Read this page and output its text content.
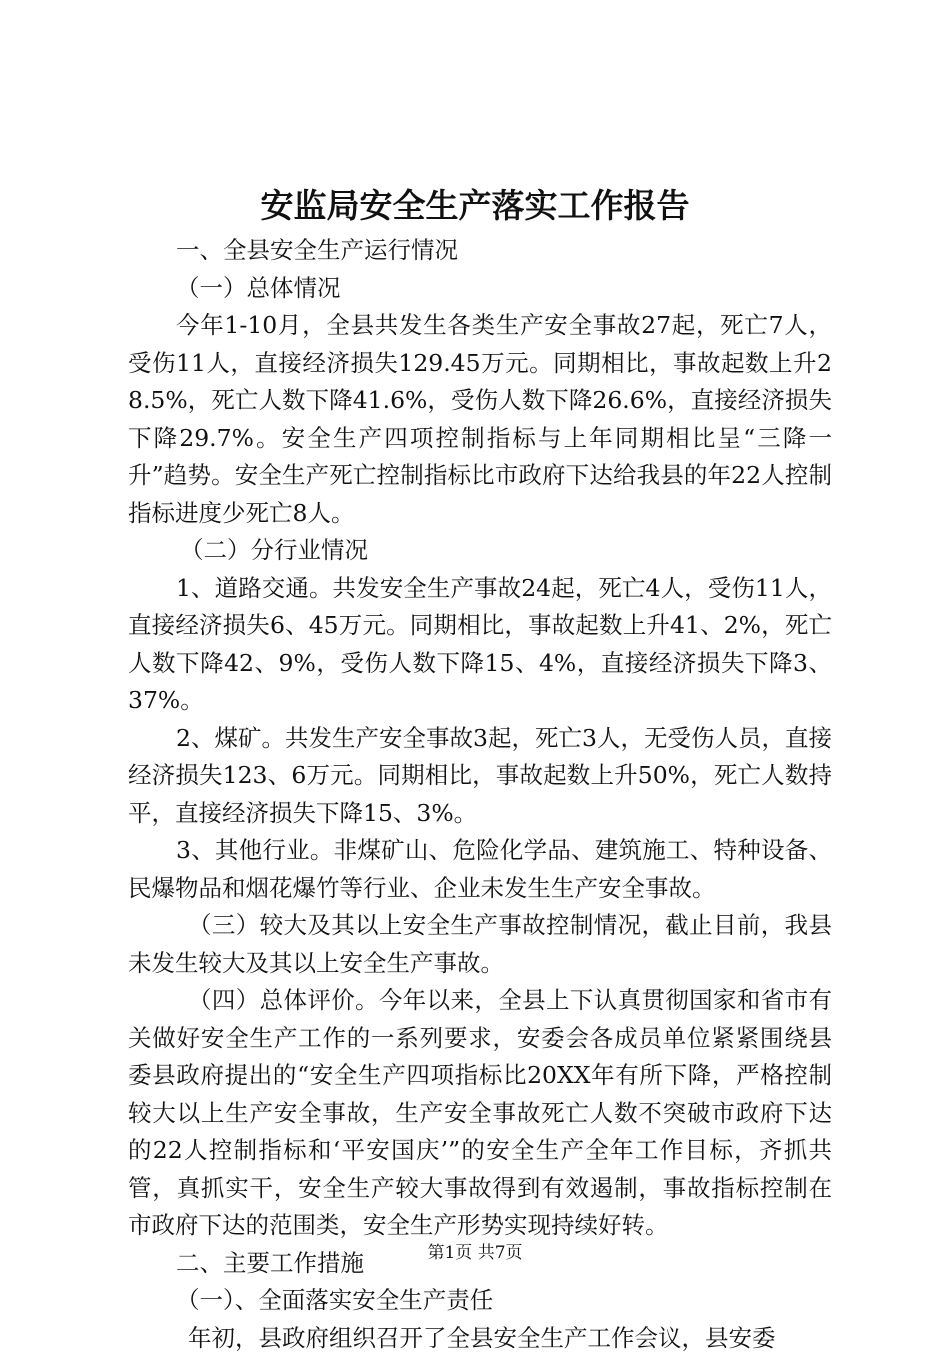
安监局安全生产落实工作报告

一、全县安全生产运行情况

（一）总体情况

今年1-10月，全县共发生各类生产安全事故27起，死亡7人，受伤11人，直接经济损失129.45万元。同期相比，事故起数上升28.5%，死亡人数下降41.6%，受伤人数下降26.6%，直接经济损失下降29.7%。安全生产四项控制指标与上年同期相比呈“三降一升”趋势。安全生产死亡控制指标比市政府下达给我县的年22人控制指标进度少死亡8人。

（二）分行业情况

1、道路交通。共发安全生产事故24起，死亡4人，受伤11人，直接经济损失6、45万元。同期相比，事故起数上升41、2%，死亡人数下降42、9%，受伤人数下降15、4%，直接经济损失下降3、37%。

2、煤矿。共发生产安全事故3起，死亡3人，无受伤人员，直接经济损失123、6万元。同期相比，事故起数上升50%，死亡人数持平，直接经济损失下降15、3%。

3、其他行业。非煤矿山、危险化学品、建筑施工、特种设备、民爆物品和烟花爆竹等行业、企业未发生生产安全事故。

（三）较大及其以上安全生产事故控制情况，截止目前，我县未发生较大及其以上安全生产事故。

（四）总体评价。今年以来，全县上下认真贯彻国家和省市有关做好安全生产工作的一系列要求，安委会各成员单位紧紧围绕县委县政府提出的“安全生产四项指标比20XX年有所下降，严格控制较大以上生产安全事故，生产安全事故死亡人数不突破市政府下达的22人控制指标和‘平安国庆’”的安全生产全年工作目标，齐抓共管，真抓实干，安全生产较大事故得到有效遏制，事故指标控制在市政府下达的范围类，安全生产形势实现持续好转。

二、主要工作措施

（一）、全面落实安全生产责任

年初，县政府组织召开了全县安全生产工作会议，县安委

第1页 共7页
